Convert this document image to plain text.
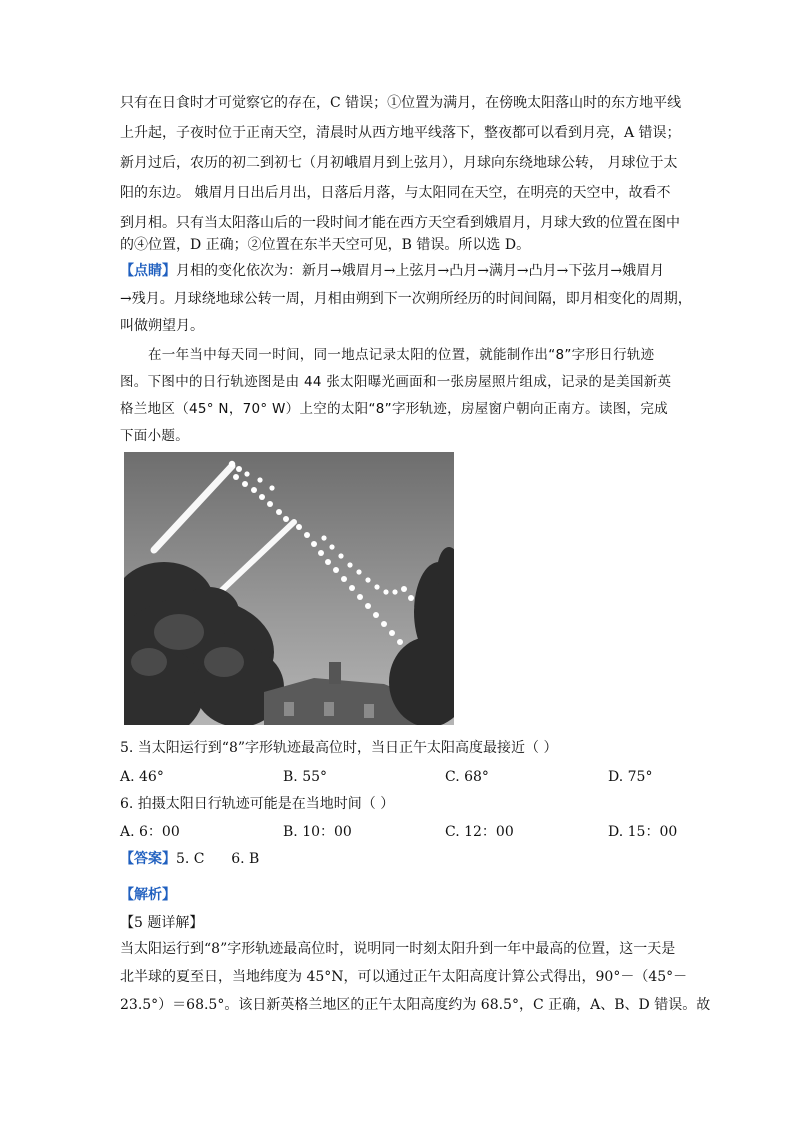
只有在日食时才可觉察它的存在，C 错误；①位置为满月，在傍晚太阳落山时的东方地平线
上升起，子夜时位于正南天空，清晨时从西方地平线落下，整夜都可以看到月亮，A 错误；
新月过后，农历的初二到初七（月初峨眉月到上弦月），月球向东绕地球公转， 月球位于太
阳的东边。 娥眉月日出后月出，日落后月落，与太阳同在天空，在明亮的天空中，故看不
到月相。只有当太阳落山后的一段时间才能在西方天空看到娥眉月，月球大致的位置在图中
的④位置，D 正确；②位置在东半天空可见，B 错误。所以选 D。
【点睛】月相的变化依次为：新月→娥眉月→上弦月→凸月→满月→凸月→下弦月→娥眉月
→残月。月球绕地球公转一周，月相由朔到下一次朔所经历的时间间隔，即月相变化的周期，
叫做朔望月。
在一年当中每天同一时间，同一地点记录太阳的位置，就能制作出“8”字形日行轨迹
图。下图中的日行轨迹图是由 44 张太阳曝光画面和一张房屋照片组成，记录的是美国新英
格兰地区（45° N，70° W）上空的太阳“8”字形轨迹，房屋窗户朝向正南方。读图，完成
下面小题。
5. 当太阳运行到“8”字形轨迹最高位时，当日正午太阳高度最接近（ ）
A. 46°	B. 55°	C. 68°	D. 75°
6. 拍摄太阳日行轨迹可能是在当地时间（ ）
A. 6：00	B. 10：00	C. 12：00	D. 15：00
【答案】5. C      6. B
【解析】
【5 题详解】
当太阳运行到“8”字形轨迹最高位时，说明同一时刻太阳升到一年中最高的位置，这一天是
北半球的夏至日，当地纬度为 45°N，可以通过正午太阳高度计算公式得出，90°－（45°－
23.5°）＝68.5°。该日新英格兰地区的正午太阳高度约为 68.5°，C 正确，A、B、D 错误。故
